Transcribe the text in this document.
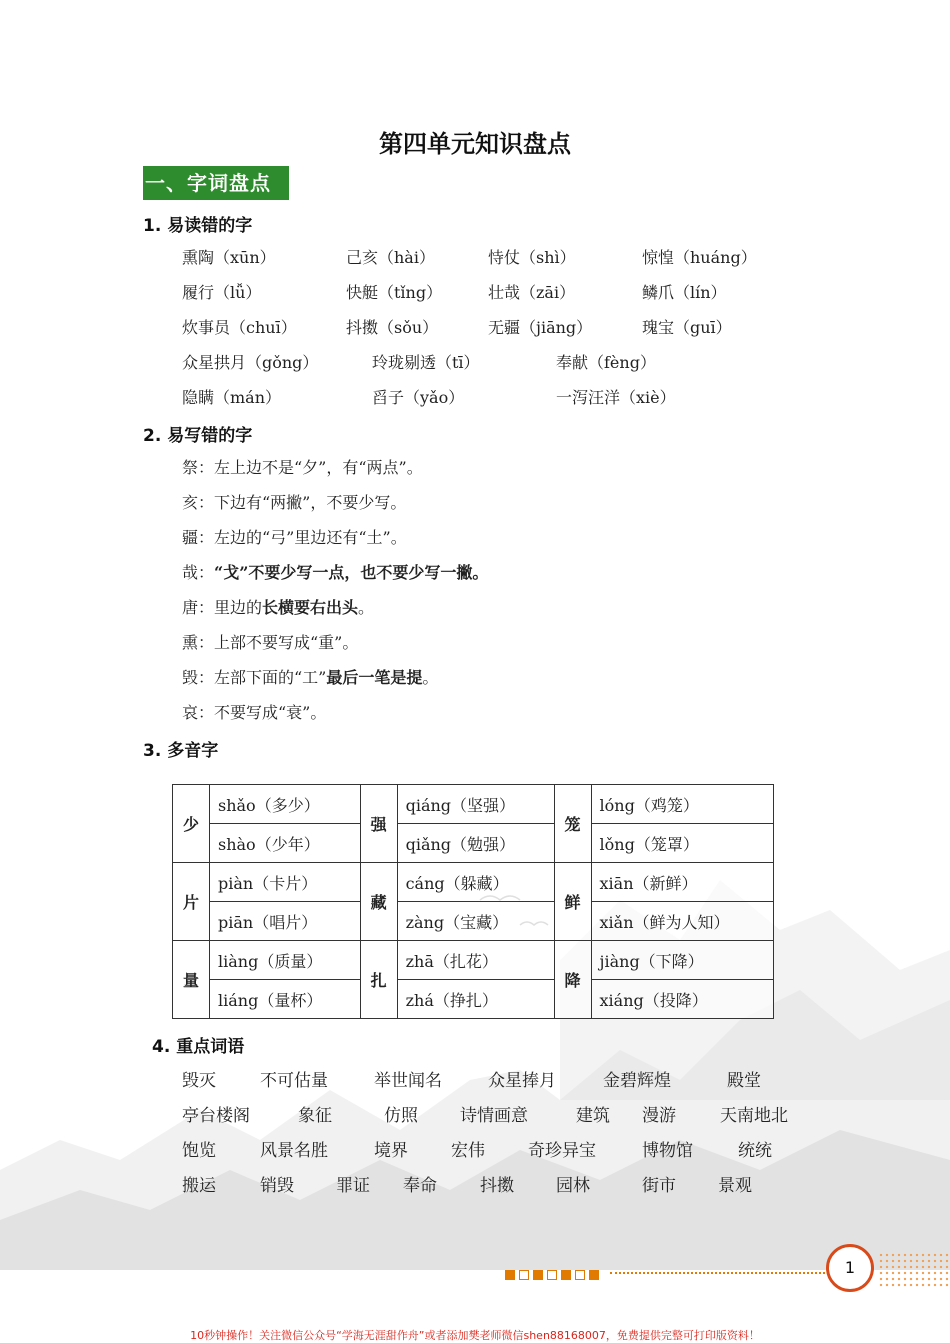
第四单元知识盘点
一、字词盘点
1. 易读错的字
熏陶（xūn）	己亥（hài）	恃仗（shì）	惊惶（huáng）
履行（lǚ）	快艇（tǐng）	壮哉（zāi）	鳞爪（lín）
炊事员（chuī）	抖擞（sǒu）	无疆（jiāng）	瑰宝（guī）
众星拱月（gǒng）	玲珑剔透（tī）	奉献（fèng）
隐瞒（mán）	舀子（yǎo）	一泻汪洋（xiè）
2. 易写错的字
祭：左上边不是“夕”，有“两点”。
亥：下边有“两撇”，不要少写。
疆：左边的“弓”里边还有“土”。
哉：“戈”不要少写一点，也不要少写一撇。
唐：里边的长横要右出头。
熏：上部不要写成“重”。
毁：左部下面的“工”最后一笔是提。
哀：不要写成“衰”。
3. 多音字
少	shǎo（多少）	强	qiáng（坚强）	笼	lóng（鸡笼）
	shào（少年）		qiǎng（勉强）		lǒng（笼罩）
片	piàn（卡片）	藏	cáng（躲藏）	鲜	xiān（新鲜）
	piān（唱片）		zàng（宝藏）		xiǎn（鲜为人知）
量	liàng（质量）	扎	zhā（扎花）	降	jiàng（下降）
	liáng（量杯）		zhá（挣扎）		xiáng（投降）
4. 重点词语
毁灭	不可估量	举世闻名	众星捧月	金碧辉煌	殿堂
亭台楼阁	象征	仿照 诗情画意	建筑 漫游	天南地北
饱览	风景名胜	境界	宏伟	奇珍异宝	博物馆	统统
搬运	销毁 罪证 奉命	抖擞 园林	街市 景观
1
10秒钟操作！关注微信公众号“学海无涯甜作舟”或者添加樊老师微信shen88168007，免费提供完整可打印版资料！
